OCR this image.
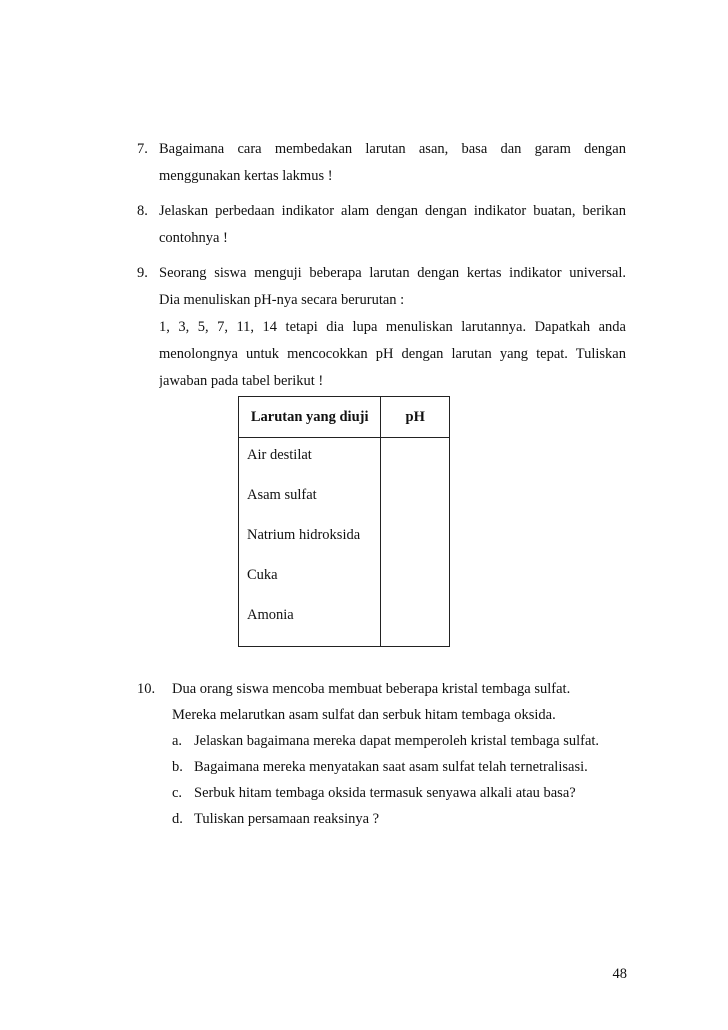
7. Bagaimana cara membedakan larutan asan, basa dan garam dengan
menggunakan kertas lakmus !
8. Jelaskan perbedaan indikator alam dengan dengan indikator buatan, berikan
contohnya !
9. Seorang siswa menguji beberapa larutan dengan kertas indikator universal.
Dia menuliskan pH-nya secara berurutan :
1, 3, 5, 7, 11, 14 tetapi dia lupa menuliskan larutannya. Dapatkah anda
menolongnya untuk mencocokkan pH dengan larutan yang tepat. Tuliskan
jawaban pada tabel berikut !
Larutan yang diuji	pH

Air destilat
Asam sulfat
Natrium hidroksida
Cuka
Amonia	

10. Dua orang siswa mencoba membuat beberapa kristal tembaga sulfat.
Mereka melarutkan asam sulfat dan serbuk hitam tembaga oksida.
a. Jelaskan bagaimana mereka dapat memperoleh kristal tembaga sulfat.
b. Bagaimana mereka menyatakan saat asam sulfat telah ternetralisasi.
c. Serbuk hitam tembaga oksida termasuk senyawa alkali atau basa?
d. Tuliskan persamaan reaksinya ?
48
